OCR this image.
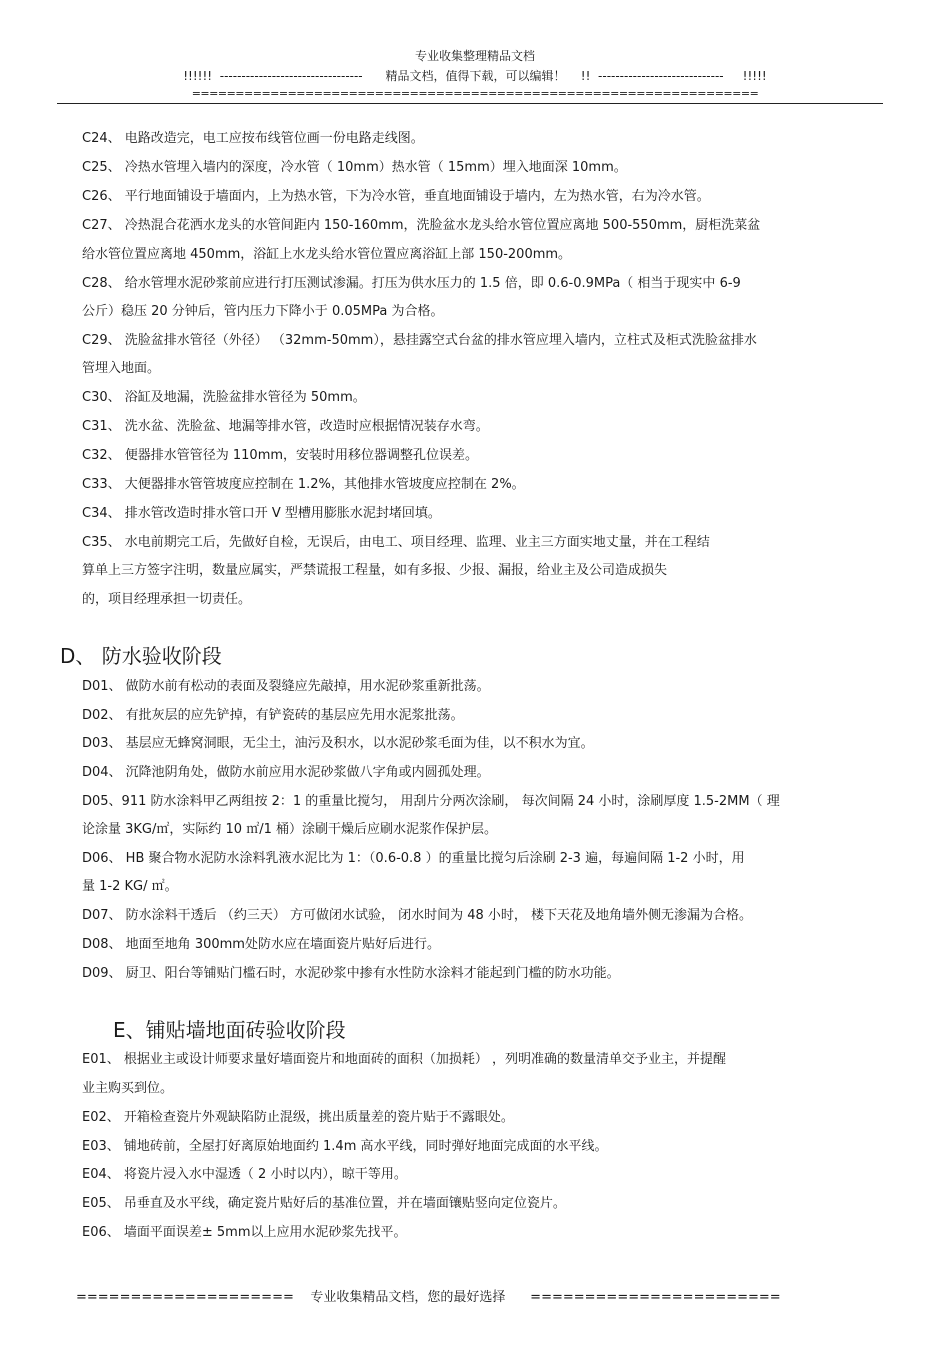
专业收集整理精品文档
!!!!!!  ---------------------------------      精品文档，值得下载，可以编辑！    !!  -----------------------------     !!!!!
=================================================================
C24、 电路改造完，电工应按布线管位画一份电路走线图。
C25、 冷热水管埋入墙内的深度，冷水管（ 10mm）热水管（ 15mm）埋入地面深 10mm。
C26、 平行地面铺设于墙面内，上为热水管，下为冷水管，垂直地面铺设于墙内，左为热水管，右为冷水管。
C27、 冷热混合花洒水龙头的水管间距内 150-160mm，洗脸盆水龙头给水管位置应离地 500-550mm，厨柜洗菜盆
给水管位置应离地 450mm，浴缸上水龙头给水管位置应离浴缸上部 150-200mm。
C28、 给水管埋水泥砂浆前应进行打压测试渗漏。打压为供水压力的 1.5 倍，即 0.6-0.9MPa（ 相当于现实中 6-9
公斤）稳压 20 分钟后，管内压力下降小于 0.05MPa 为合格。
C29、 洗脸盆排水管径（外径） （32mm-50mm），悬挂露空式台盆的排水管应埋入墙内，立柱式及柜式洗脸盆排水
管埋入地面。
C30、 浴缸及地漏，洗脸盆排水管径为 50mm。
C31、 洗水盆、洗脸盆、地漏等排水管，改造时应根据情况装存水弯。
C32、 便器排水管管径为 110mm，安装时用移位器调整孔位误差。
C33、 大便器排水管管坡度应控制在 1.2%，其他排水管坡度应控制在 2%。
C34、 排水管改造时排水管口开 V 型槽用膨胀水泥封堵回填。
C35、 水电前期完工后，先做好自检，无误后，由电工、项目经理、监理、业主三方面实地丈量，并在工程结
算单上三方签字注明，数量应属实，严禁谎报工程量，如有多报、少报、漏报，给业主及公司造成损失
的，项目经理承担一切责任。
D、 防水验收阶段
D01、 做防水前有松动的表面及裂缝应先敲掉，用水泥砂浆重新批荡。
D02、 有批灰层的应先铲掉，有铲瓷砖的基层应先用水泥浆批荡。
D03、 基层应无蜂窝洞眼，无尘土，油污及积水，以水泥砂浆毛面为佳，以不积水为宜。
D04、 沉降池阴角处，做防水前应用水泥砂浆做八字角或内圆孤处理。
D05、911 防水涂料甲乙两组按 2：1 的重量比搅匀， 用刮片分两次涂刷， 每次间隔 24 小时，涂刷厚度 1.5-2MM（ 理
论涂量 3KG/㎡，实际约 10 ㎡/1 桶）涂刷干燥后应刷水泥浆作保护层。
D06、 HB 聚合物水泥防水涂料乳液水泥比为 1：（0.6-0.8 ）的重量比搅匀后涂刷 2-3 遍，每遍间隔 1-2 小时，用
量 1-2 KG/ ㎡。
D07、 防水涂料干透后 （约三天） 方可做闭水试验， 闭水时间为 48 小时， 楼下天花及地角墙外侧无渗漏为合格。
D08、 地面至地角 300mm处防水应在墙面瓷片贴好后进行。
D09、 厨卫、阳台等铺贴门槛石时，水泥砂浆中掺有水性防水涂料才能起到门槛的防水功能。
E、铺贴墙地面砖验收阶段
E01、 根据业主或设计师要求量好墙面瓷片和地面砖的面积（加损耗） ，列明准确的数量清单交予业主，并提醒
业主购买到位。
E02、 开箱检查瓷片外观缺陷防止混级，挑出质量差的瓷片贴于不露眼处。
E03、 铺地砖前，全屋打好离原始地面约 1.4m 高水平线，同时弹好地面完成面的水平线。
E04、 将瓷片浸入水中湿透（ 2 小时以内），晾干等用。
E05、 吊垂直及水平线，确定瓷片贴好后的基准位置，并在墙面镶贴竖向定位瓷片。
E06、 墙面平面误差± 5mm以上应用水泥砂浆先找平。
====================    专业收集精品文档，您的最好选择      =======================
